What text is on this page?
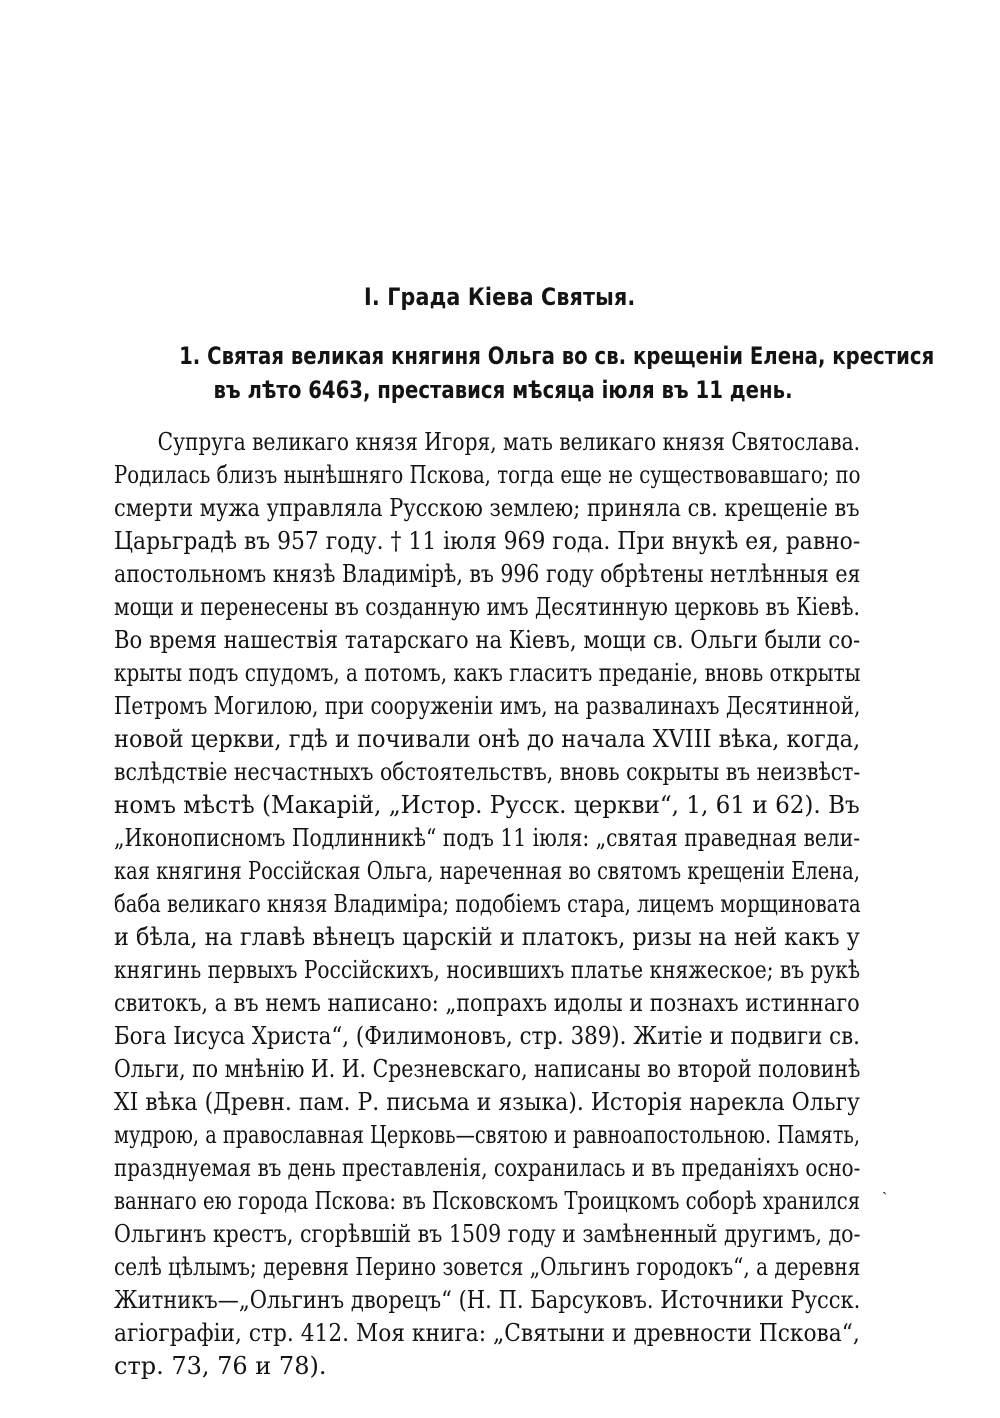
I. Града Кіева Святыя.
1. Святая великая княгиня Ольга во св. крещеніи Елена, крестися
въ лѣто 6463, преставися мѣсяца іюля въ 11 день.
Супруга великаго князя Игоря, мать великаго князя Святослава.
Родилась близъ нынѣшняго Пскова, тогда еще не существовавшаго; по
смерти мужа управляла Русскою землею; приняла св. крещеніе въ
Царьградѣ въ 957 году. † 11 іюля 969 года. При внукѣ ея, равно-
апостольномъ князѣ Владимірѣ, въ 996 году обрѣтены нетлѣнныя ея
мощи и перенесены въ созданную имъ Десятинную церковь въ Кіевѣ.
Во время нашествія татарскаго на Кіевъ, мощи св. Ольги были со-
крыты подъ спудомъ, а потомъ, какъ гласитъ преданіе, вновь открыты
Петромъ Могилою, при сооруженіи имъ, на развалинахъ Десятинной,
новой церкви, гдѣ и почивали онѣ до начала XVIII вѣка, когда,
вслѣдствіе несчастныхъ обстоятельствъ, вновь сокрыты въ неизвѣст-
номъ мѣстѣ (Макарій, „Истор. Русск. церкви“, 1, 61 и 62). Въ
„Иконописномъ Подлинникѣ“ подъ 11 іюля: „святая праведная вели-
кая княгиня Россійская Ольга, нареченная во святомъ крещеніи Елена,
баба великаго князя Владиміра; подобіемъ стара, лицемъ морщиновата
и бѣла, на главѣ вѣнецъ царскій и платокъ, ризы на ней какъ у
княгинь первыхъ Россійскихъ, носившихъ платье княжеское; въ рукѣ
свитокъ, а въ немъ написано: „попрахъ идолы и познахъ истиннаго
Бога Іисуса Христа“, (Филимоновъ, стр. 389). Житіе и подвиги св.
Ольги, по мнѣнію И. И. Срезневскаго, написаны во второй половинѣ
XI вѣка (Древн. пам. Р. письма и языка). Исторія нарекла Ольгу
мудрою, а православная Церковь—святою и равноапостольною. Память,
празднуемая въ день преставленія, сохранилась и въ преданіяхъ осно-
ваннаго ею города Пскова: въ Псковскомъ Троицкомъ соборѣ хранился
Ольгинъ крестъ, сгорѣвшій въ 1509 году и замѣненный другимъ, до-
селѣ цѣлымъ; деревня Перино зовется „Ольгинъ городокъ“, а деревня
Житникъ—„Ольгинъ дворецъ“ (Н. П. Барсуковъ. Источники Русск.
агіографіи, стр. 412. Моя книга: „Святыни и древности Пскова“,
стр. 73, 76 и 78).
ˎ
